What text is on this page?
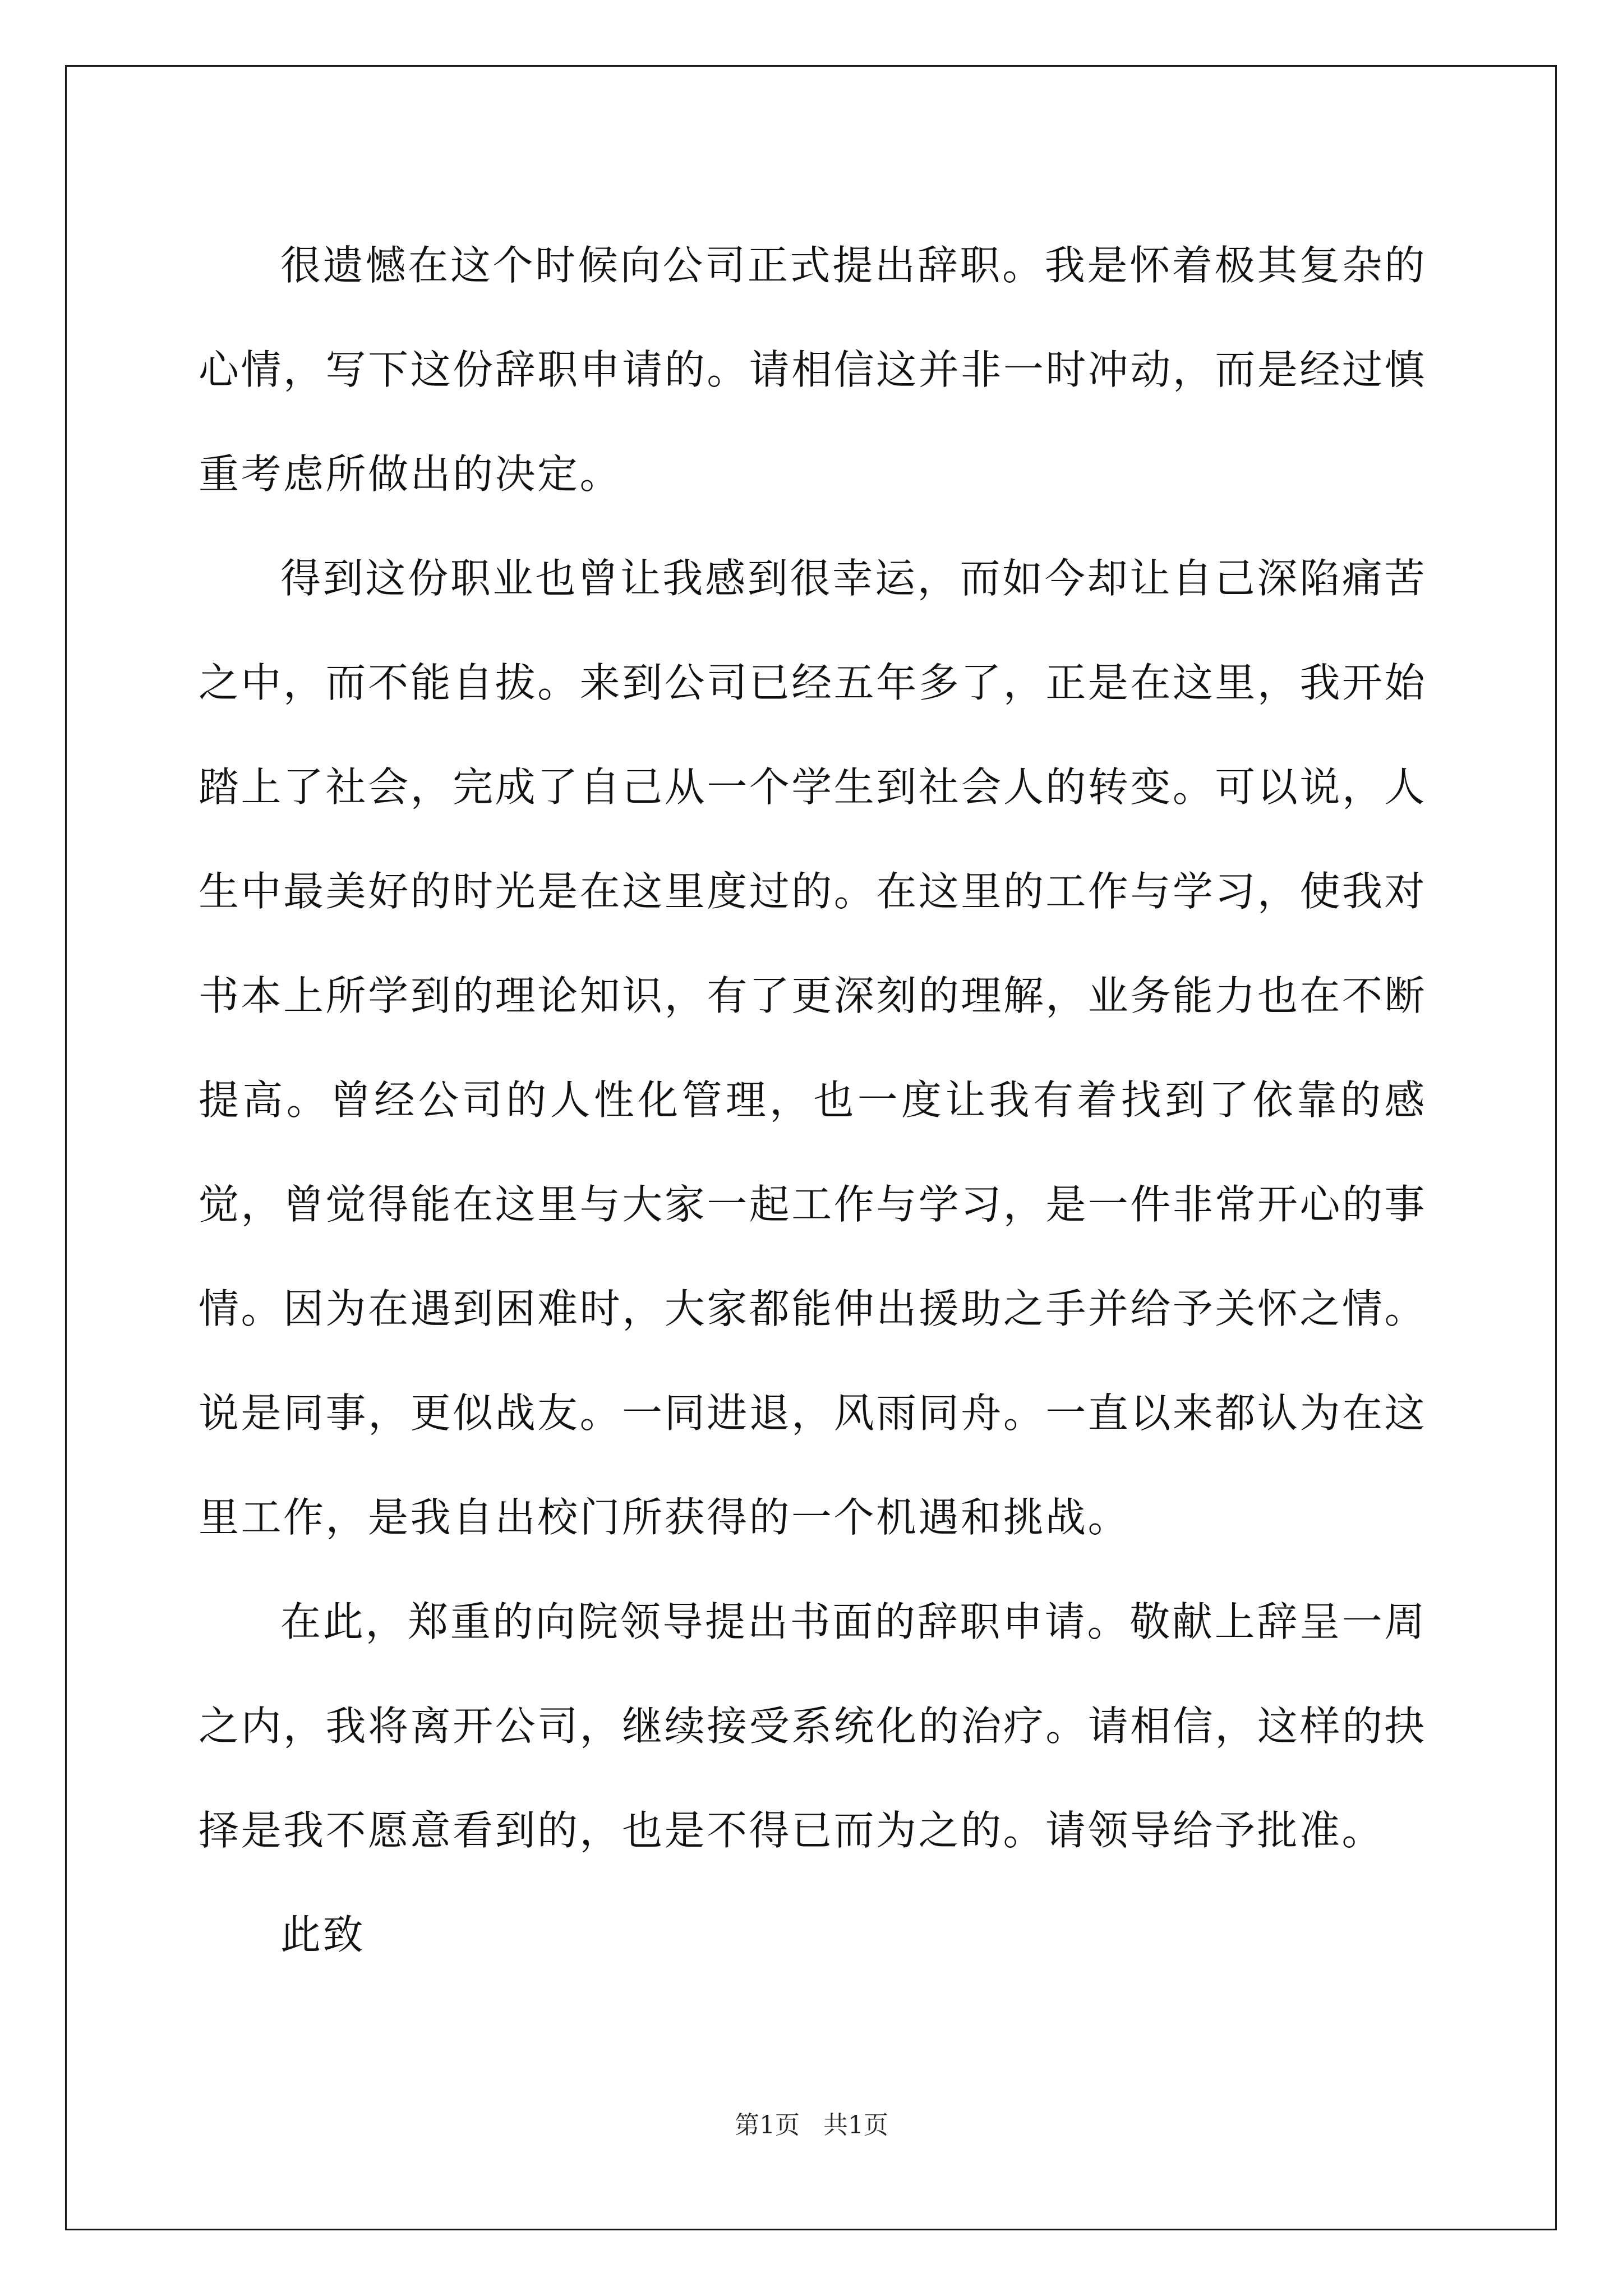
很遗憾在这个时候向公司正式提出辞职。我是怀着极其复杂的心情，写下这份辞职申请的。请相信这并非一时冲动，而是经过慎重考虑所做出的决定。

得到这份职业也曾让我感到很幸运，而如今却让自己深陷痛苦之中，而不能自拔。来到公司已经五年多了，正是在这里，我开始踏上了社会，完成了自己从一个学生到社会人的转变。可以说，人生中最美好的时光是在这里度过的。在这里的工作与学习，使我对书本上所学到的理论知识，有了更深刻的理解，业务能力也在不断提高。曾经公司的人性化管理，也一度让我有着找到了依靠的感觉，曾觉得能在这里与大家一起工作与学习，是一件非常开心的事情。因为在遇到困难时，大家都能伸出援助之手并给予关怀之情。说是同事，更似战友。一同进退，风雨同舟。一直以来都认为在这里工作，是我自出校门所获得的一个机遇和挑战。

在此，郑重的向院领导提出书面的辞职申请。敬献上辞呈一周之内，我将离开公司，继续接受系统化的治疗。请相信，这样的抉择是我不愿意看到的，也是不得已而为之的。请领导给予批准。

此致

第1页   共1页
